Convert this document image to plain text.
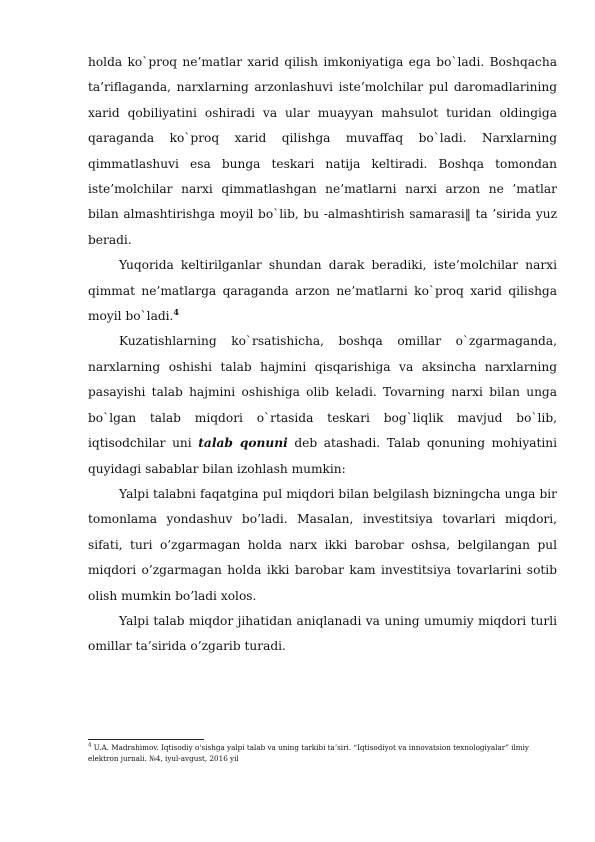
holda ko`proq ne’matlar xarid qilish imkoniyatiga ega bo`ladi. Boshqacha ta’riflaganda, narxlarning arzonlashuvi iste’molchilar pul daromadlarining xarid qobiliyatini oshiradi va ular muayyan mahsulot turidan oldingiga qaraganda ko`proq xarid qilishga muvaffaq bo`ladi. Narxlarning qimmatlashuvi esa bunga teskari natija keltiradi. Boshqa tomondan iste’molchilar narxi qimmatlashgan ne’matlarni narxi arzon ne ’matlar bilan almashtirishga moyil bo`lib, bu -almashtirish samarasi‖ ta ’sirida yuz beradi.

Yuqorida keltirilganlar shundan darak beradiki, iste’molchilar narxi qimmat ne’matlarga qaraganda arzon ne’matlarni ko`proq xarid qilishga moyil bo`ladi.$^4$

Kuzatishlarning ko`rsatishicha, boshqa omillar o`zgarmaganda, narxlarning oshishi talab hajmini qisqarishiga va aksincha narxlarning pasayishi talab hajmini oshishiga olib keladi. Tovarning narxi bilan unga bo`lgan talab miqdori o`rtasida teskari bog`liqlik mavjud bo`lib, iqtisodchilar uni talab qonuni deb atashadi. Talab qonuning mohiyatini quyidagi sabablar bilan izohlash mumkin:

Yalpi talabni faqatgina pul miqdori bilan belgilash bizningcha unga bir tomonlama yondashuv bo’ladi. Masalan, investitsiya tovarlari miqdori, sifati, turi o’zgarmagan holda narx ikki barobar oshsa, belgilangan pul miqdori o’zgarmagan holda ikki barobar kam investitsiya tovarlarini sotib olish mumkin bo’ladi xolos.

Yalpi talab miqdor jihatidan aniqlanadi va uning umumiy miqdori turli omillar ta’sirida o’zgarib turadi.

$^4$ U.A. Madrahimov. Iqtisodiy o‘sishga yalpi talab va uning tarkibi ta’siri. “Iqtisodiyot va innovatsion texnologiyalar” ilmiy elektron jurnali. №4, iyul-avgust, 2016 yil
